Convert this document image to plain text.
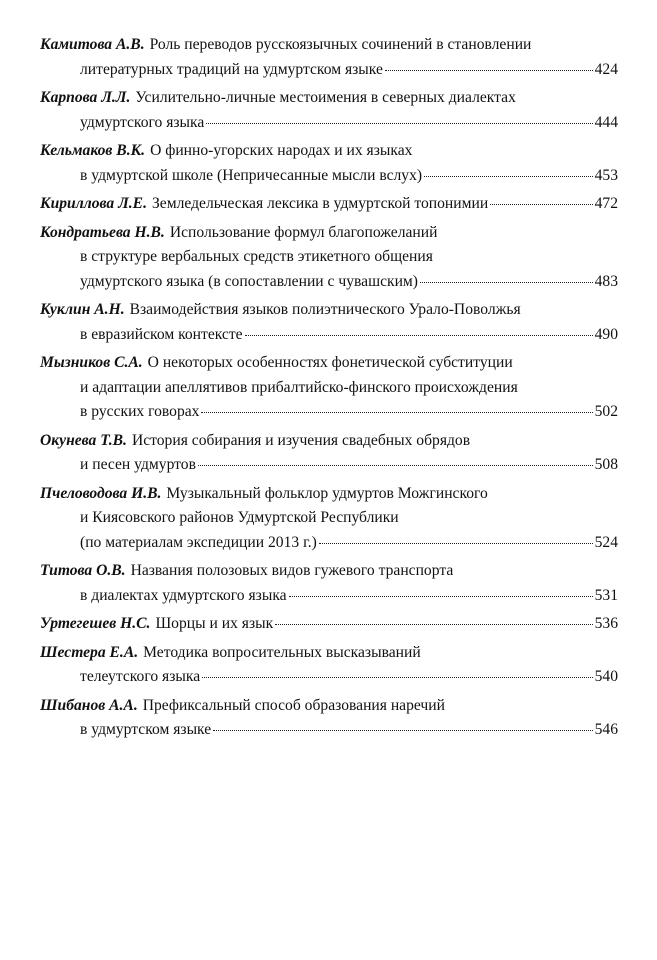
Камитова А.В. Роль переводов русскоязычных сочинений в становлении
литературных традиций на удмуртском языке	424
Карпова Л.Л. Усилительно-личные местоимения в северных диалектах
удмуртского языка	444
Кельмаков В.К. О финно-угорских народах и их языках
в удмуртской школе (Непричесанные мысли вслух)	453
Кириллова Л.Е. Земледельческая лексика в удмуртской топонимии	472
Кондратьева Н.В. Использование формул благопожеланий
в структуре вербальных средств этикетного общения
удмуртского языка (в сопоставлении с чувашским)	483
Куклин А.Н. Взаимодействия языков полиэтнического Урало-Поволжья
в евразийском контексте	490
Мызников С.А. О некоторых особенностях фонетической субституции
и адаптации апеллятивов прибалтийско-финского происхождения
в русских говорах	502
Окунева Т.В. История собирания и изучения свадебных обрядов
и песен удмуртов	508
Пчеловодова И.В. Музыкальный фольклор удмуртов Можгинского
и Киясовского районов Удмуртской Республики
(по материалам экспедиции 2013 г.)	524
Титова О.В. Названия полозовых видов гужевого транспорта
в диалектах удмуртского языка	531
Уртегешев Н.С. Шорцы и их язык	536
Шестера Е.А. Методика вопросительных высказываний
телеутского языка	540
Шибанов А.А. Префиксальный способ образования наречий
в удмуртском языке	546
